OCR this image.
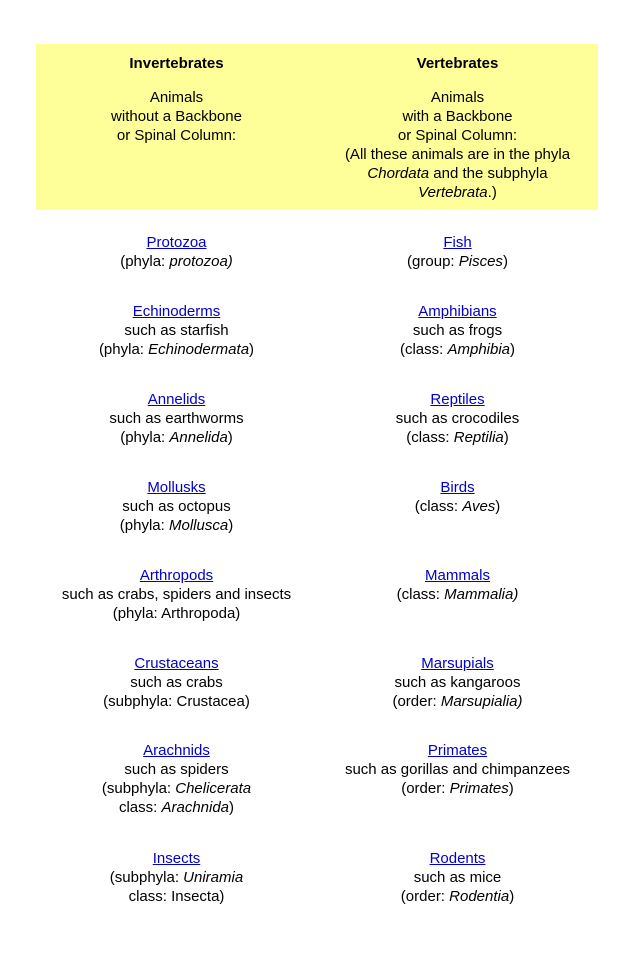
Invertebrates
Animals
without a Backbone
or Spinal Column:
Vertebrates
Animals
with a Backbone
or Spinal Column:
(All these animals are in the phyla
Chordata and the subphyla
Vertebrata.)
Protozoa
(phyla: protozoa)
Echinoderms
such as starfish
(phyla: Echinodermata)
Annelids
such as earthworms
(phyla: Annelida)
Mollusks
such as octopus
(phyla: Mollusca)
Arthropods
such as crabs, spiders and insects
(phyla: Arthropoda)
Crustaceans
such as crabs
(subphyla: Crustacea)
Arachnids
such as spiders
(subphyla: Chelicerata
class: Arachnida)
Insects
(subphyla: Uniramia
class: Insecta)
Fish
(group: Pisces)
Amphibians
such as frogs
(class: Amphibia)
Reptiles
such as crocodiles
(class: Reptilia)
Birds
(class: Aves)
Mammals
(class: Mammalia)
Marsupials
such as kangaroos
(order: Marsupialia)
Primates
such as gorillas and chimpanzees
(order: Primates)
Rodents
such as mice
(order: Rodentia)
